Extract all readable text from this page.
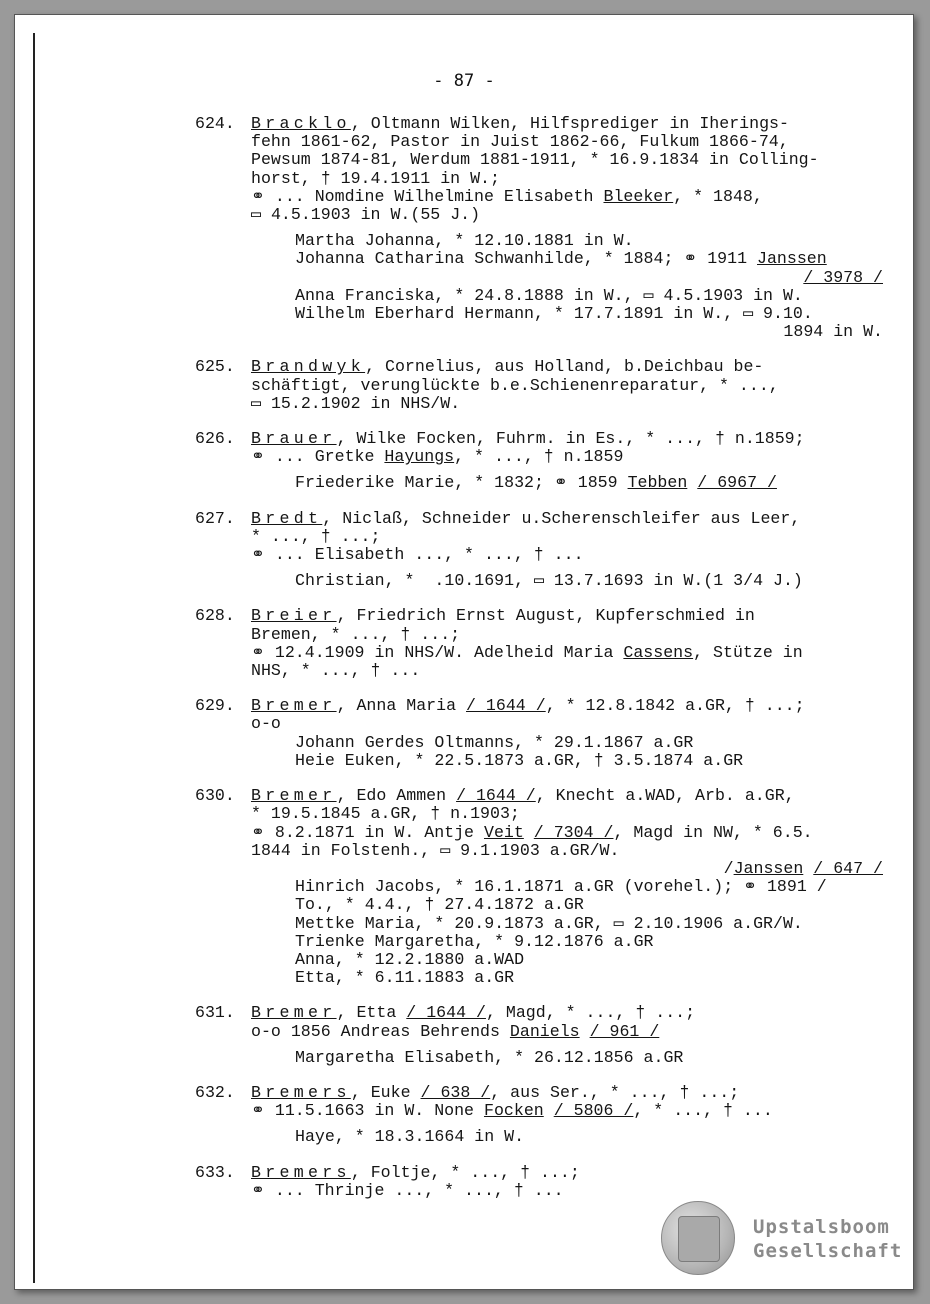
- 87 -
624. Bracklo, Oltmann Wilken, Hilfsprediger in Iherings-
fehn 1861-62, Pastor in Juist 1862-66, Fulkum 1866-74,
Pewsum 1874-81, Werdum 1881-1911, * 16.9.1834 in Colling-
horst, † 19.4.1911 in W.;
⚭ ... Nomdine Wilhelmine Elisabeth Bleeker, * 1848,
▭ 4.5.1903 in W.(55 J.)
Martha Johanna, * 12.10.1881 in W.
Johanna Catharina Schwanhilde, * 1884; ⚭ 1911 Janssen
/ 3978 /
Anna Franciska, * 24.8.1888 in W., ▭ 4.5.1903 in W.
Wilhelm Eberhard Hermann, * 17.7.1891 in W., ▭ 9.10.
1894 in W.
625. Brandwyk, Cornelius, aus Holland, b.Deichbau be-
schäftigt, verunglückte b.e.Schienenreparatur, * ...,
▭ 15.2.1902 in NHS/W.
626. Brauer, Wilke Focken, Fuhrm. in Es., * ..., † n.1859;
⚭ ... Gretke Hayungs, * ..., † n.1859
Friederike Marie, * 1832; ⚭ 1859 Tebben / 6967 /
627. Bredt, Niclaß, Schneider u.Scherenschleifer aus Leer,
* ..., † ...;
⚭ ... Elisabeth ..., * ..., † ...
Christian, *  .10.1691, ▭ 13.7.1693 in W.(1 3/4 J.)
628. Breier, Friedrich Ernst August, Kupferschmied in
Bremen, * ..., † ...;
⚭ 12.4.1909 in NHS/W. Adelheid Maria Cassens, Stütze in
NHS, * ..., † ...
629. Bremer, Anna Maria / 1644 /, * 12.8.1842 a.GR, † ...;
o-o
Johann Gerdes Oltmanns, * 29.1.1867 a.GR
Heie Euken, * 22.5.1873 a.GR, † 3.5.1874 a.GR
630. Bremer, Edo Ammen / 1644 /, Knecht a.WAD, Arb. a.GR,
* 19.5.1845 a.GR, † n.1903;
⚭ 8.2.1871 in W. Antje Veit / 7304 /, Magd in NW, * 6.5.
1844 in Folstenh., ▭ 9.1.1903 a.GR/W.
/Janssen / 647 /
Hinrich Jacobs, * 16.1.1871 a.GR (vorehel.); ⚭ 1891 /
To., * 4.4., † 27.4.1872 a.GR
Mettke Maria, * 20.9.1873 a.GR, ▭ 2.10.1906 a.GR/W.
Trienke Margaretha, * 9.12.1876 a.GR
Anna, * 12.2.1880 a.WAD
Etta, * 6.11.1883 a.GR
631. Bremer, Etta / 1644 /, Magd, * ..., † ...;
o-o 1856 Andreas Behrends Daniels / 961 /
Margaretha Elisabeth, * 26.12.1856 a.GR
632. Bremers, Euke / 638 /, aus Ser., * ..., † ...;
⚭ 11.5.1663 in W. None Focken / 5806 /, * ..., † ...
Haye, * 18.3.1664 in W.
633. Bremers, Foltje, * ..., † ...;
⚭ ... Thrinje ..., * ..., † ...
Upstalsboom
Gesellschaft
